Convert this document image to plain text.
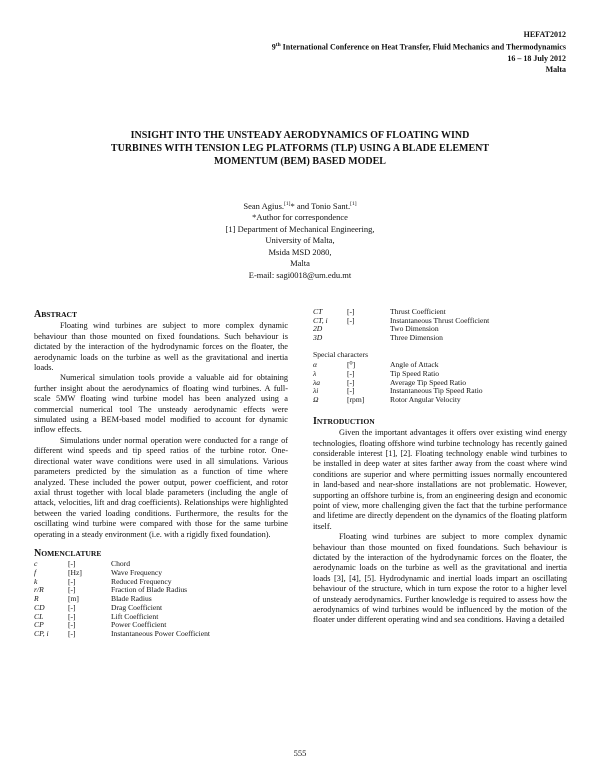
HEFAT2012
9th International Conference on Heat Transfer, Fluid Mechanics and Thermodynamics
16 – 18 July 2012
Malta
INSIGHT INTO THE UNSTEADY AERODYNAMICS OF FLOATING WIND
TURBINES WITH TENSION LEG PLATFORMS (TLP) USING A BLADE ELEMENT
MOMENTUM (BEM) BASED MODEL
Sean Agius.[1]* and Tonio Sant.[1]
*Author for correspondence
[1] Department of Mechanical Engineering,
University of Malta,
Msida MSD 2080,
Malta
E-mail: sagi0018@um.edu.mt
ABSTRACT

Floating wind turbines are subject to more complex dynamic behaviour than those mounted on fixed foundations. Such behaviour is dictated by the interaction of the hydrodynamic forces on the floater, the aerodynamic loads on the turbine as well as the gravitational and inertia loads.

Numerical simulation tools provide a valuable aid for obtaining further insight about the aerodynamics of floating wind turbines. A full-scale 5MW floating wind turbine model has been analyzed using a commercial numerical tool The unsteady aerodynamic effects were simulated using a BEM-based model modified to account for dynamic inflow effects.

Simulations under normal operation were conducted for a range of different wind speeds and tip speed ratios of the turbine rotor. One-directional water wave conditions were used in all simulations. Various parameters predicted by the simulation as a function of time where analyzed. These included the power output, power coefficient, and rotor axial thrust together with local blade parameters (including the angle of attack, velocities, lift and drag coefficients). Relationships were highlighted between the varied loading conditions. Furthermore, the results for the oscillating wind turbine were compared with those for the same turbine operating in a steady environment (i.e. with a rigidly fixed foundation).

NOMENCLATURE
c	[-]	Chord
f	[Hz]	Wave Frequency
k	[-]	Reduced Frequency
r/R	[-]	Fraction of Blade Radius
R	[m]	Blade Radius
CD	[-]	Drag Coefficient
CL	[-]	Lift Coefficient
CP	[-]	Power Coefficient
CP, i	[-]	Instantaneous Power Coefficient
CT	[-]	Thrust Coefficient
CT, i	[-]	Instantaneous Thrust Coefficient
2D		Two Dimension
3D		Three Dimension
Special characters
α	[⁰]	Angle of Attack
λ	[-]	Tip Speed Ratio
λa	[-]	Average Tip Speed Ratio
λi	[-]	Instantaneous Tip Speed Ratio
Ω	[rpm]	Rotor Angular Velocity
INTRODUCTION

Given the important advantages it offers over existing wind energy technologies, floating offshore wind turbine technology has recently gained considerable interest [1], [2]. Floating technology enable wind turbines to be installed in deep water at sites farther away from the coast where wind conditions are superior and where permitting issues normally encountered in land-based and near-shore installations are not problematic. However, supporting an offshore turbine is, from an engineering design and economic point of view, more challenging given the fact that the turbine performance and lifetime are directly dependent on the dynamics of the floating platform itself.

Floating wind turbines are subject to more complex dynamic behaviour than those mounted on fixed foundations. Such behaviour is dictated by the interaction of the hydrodynamic forces on the floater, the aerodynamic loads on the turbine as well as the gravitational and inertia loads [3], [4], [5]. Hydrodynamic and inertial loads impart an oscillating behaviour of the structure, which in turn expose the rotor to a higher level of unsteady aerodynamics. Further knowledge is required to assess how the aerodynamics of wind turbines would be influenced by the motion of the floater under different operating wind and sea conditions. Having a detailed

555
